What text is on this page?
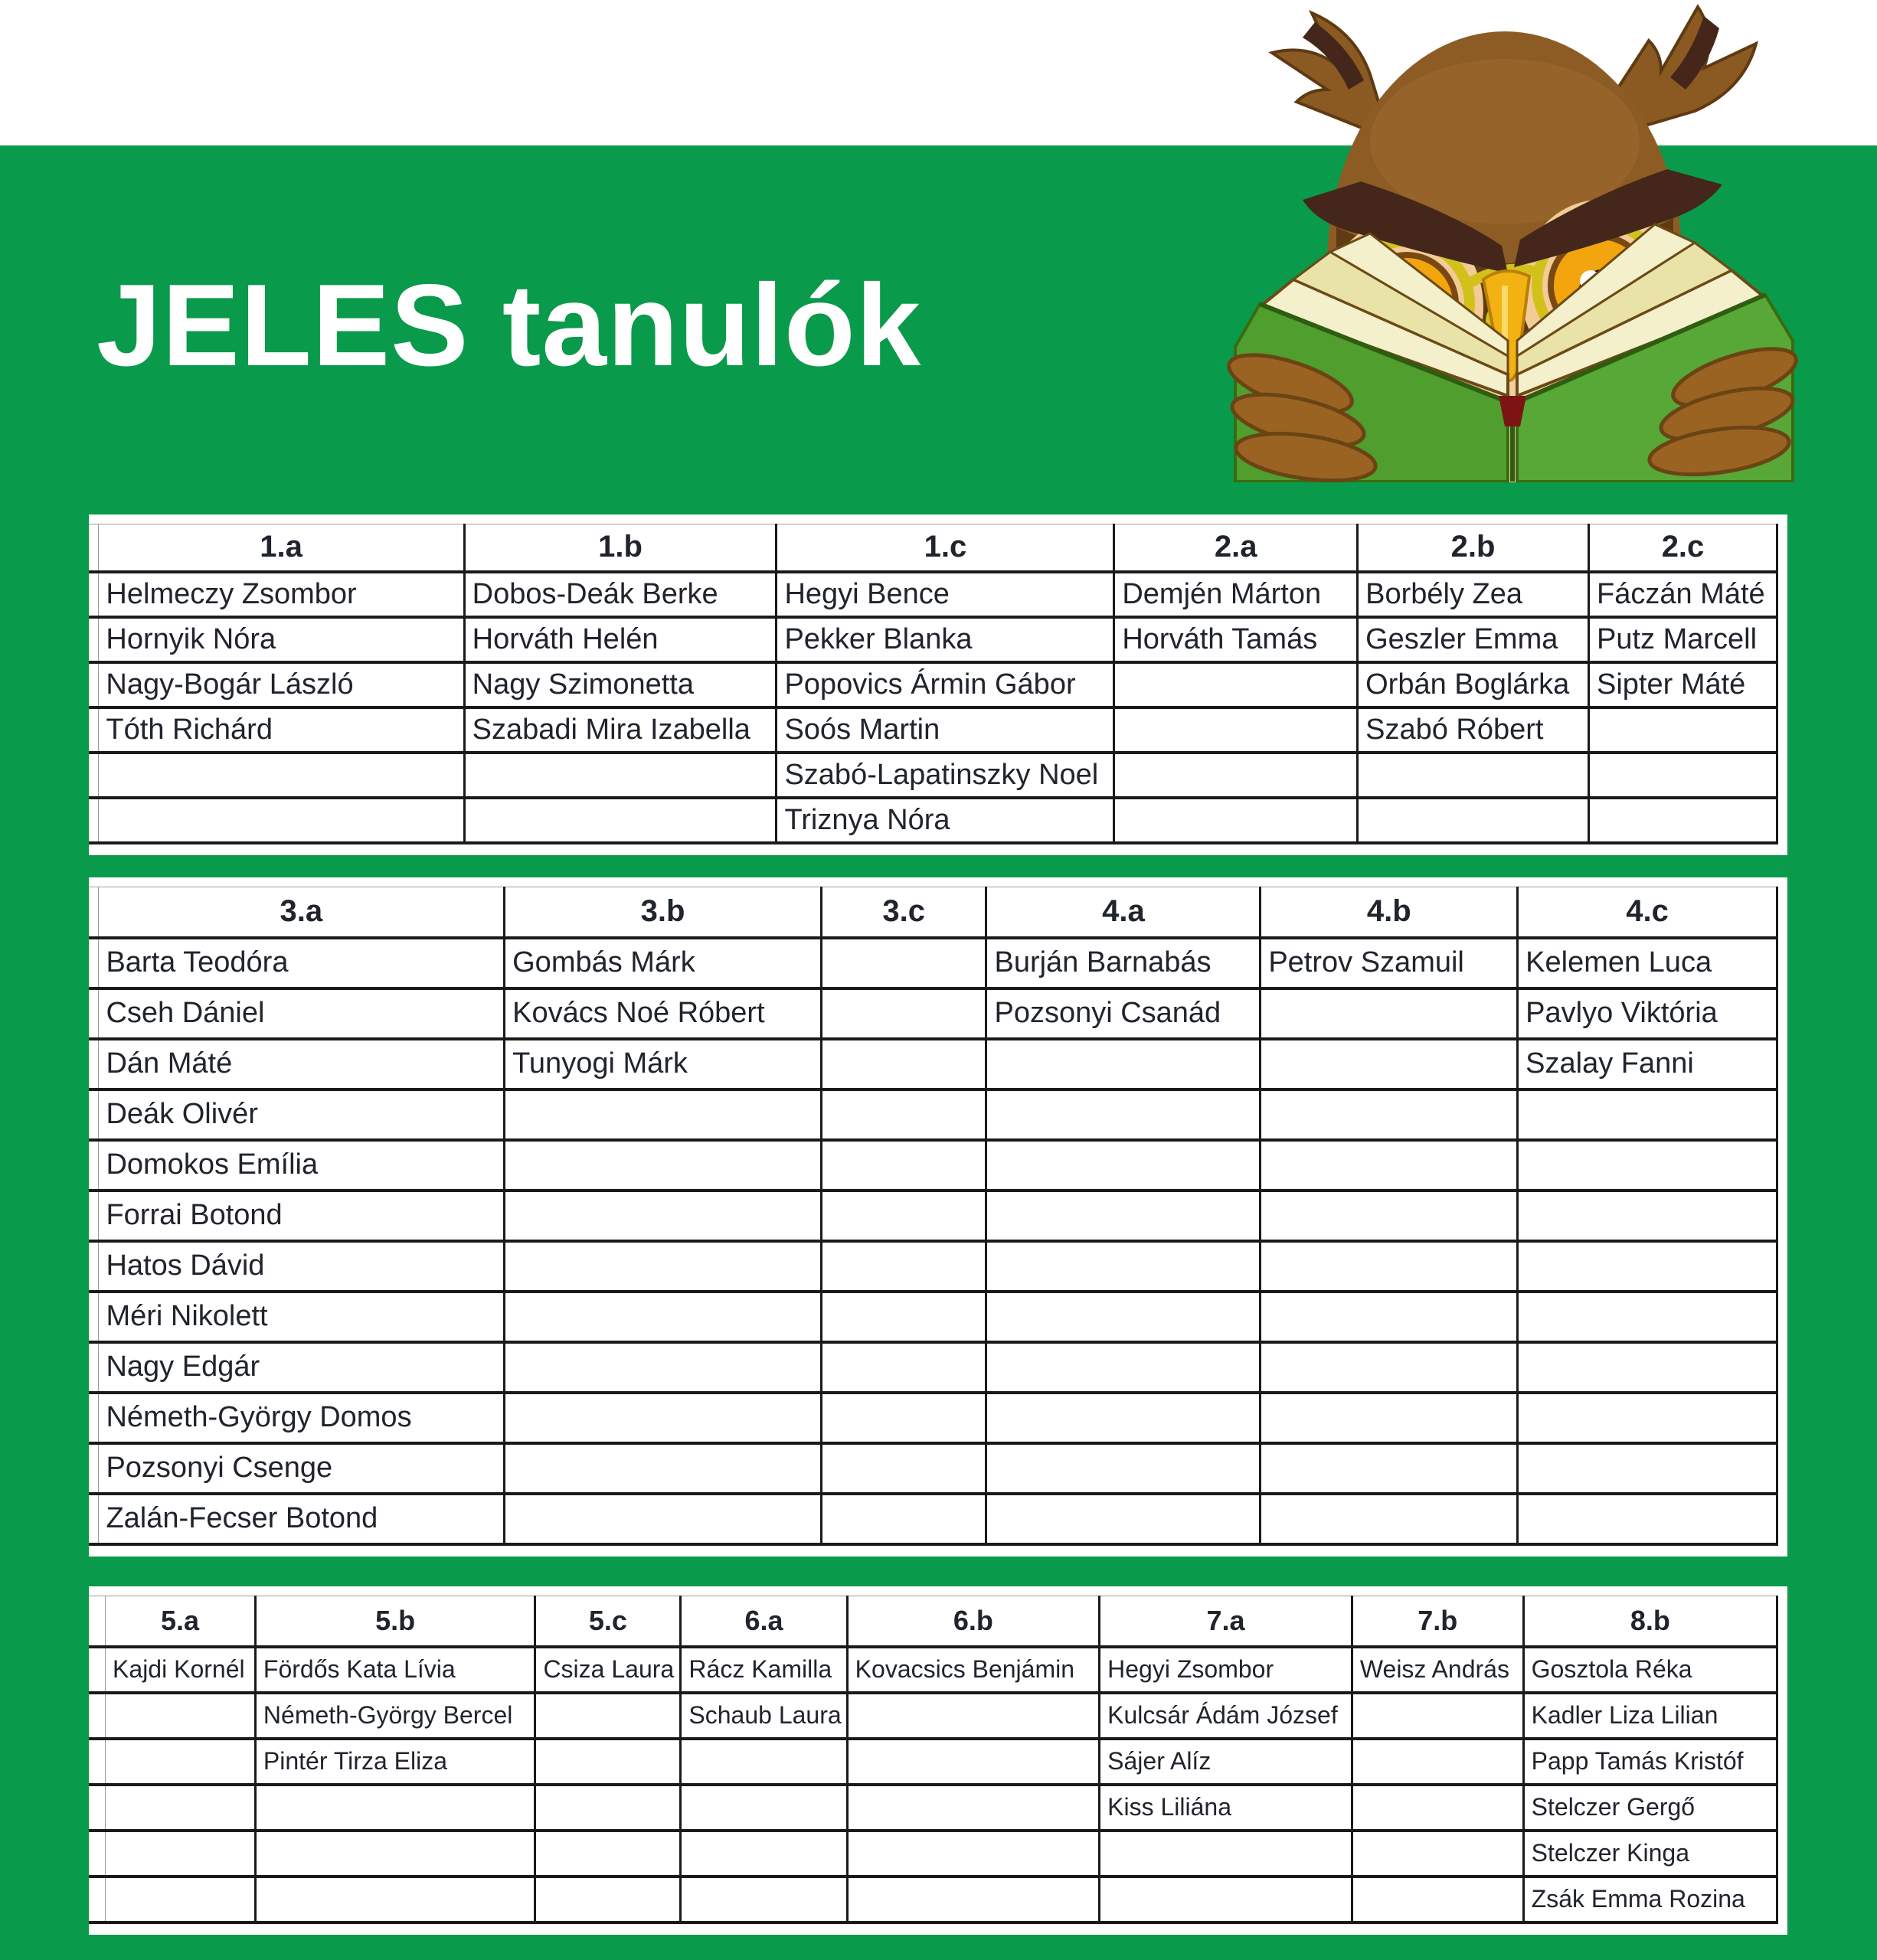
JELES tanulók
	1.a	1.b	1.c	2.a	2.b	2.c
	Helmeczy Zsombor	Dobos-Deák Berke	Hegyi Bence	Demjén Márton	Borbély Zea	Fáczán Máté
	Hornyik Nóra	Horváth Helén	Pekker Blanka	Horváth Tamás	Geszler Emma	Putz Marcell
	Nagy-Bogár László	Nagy Szimonetta	Popovics Ármin Gábor		Orbán Boglárka	Sipter Máté
	Tóth Richárd	Szabadi Mira Izabella	Soós Martin		Szabó Róbert	
			Szabó-Lapatinszky Noel			
			Triznya Nóra			
	3.a	3.b	3.c	4.a	4.b	4.c
	Barta Teodóra	Gombás Márk		Burján Barnabás	Petrov Szamuil	Kelemen Luca
	Cseh Dániel	Kovács Noé Róbert		Pozsonyi Csanád		Pavlyo Viktória
	Dán Máté	Tunyogi Márk				Szalay Fanni
	Deák Olivér					
	Domokos Emília					
	Forrai Botond					
	Hatos Dávid					
	Méri Nikolett					
	Nagy Edgár					
	Németh-György Domos					
	Pozsonyi Csenge					
	Zalán-Fecser Botond					
	5.a	5.b	5.c	6.a	6.b	7.a	7.b	8.b
	Kajdi Kornél	Fördős Kata Lívia	Csiza Laura	Rácz Kamilla	Kovacsics Benjámin	Hegyi Zsombor	Weisz András	Gosztola Réka
		Németh-György Bercel		Schaub Laura		Kulcsár Ádám József		Kadler Liza Lilian
		Pintér Tirza Eliza				Sájer Alíz		Papp Tamás Kristóf
						Kiss Liliána		Stelczer Gergő
								Stelczer Kinga
								Zsák Emma Rozina
